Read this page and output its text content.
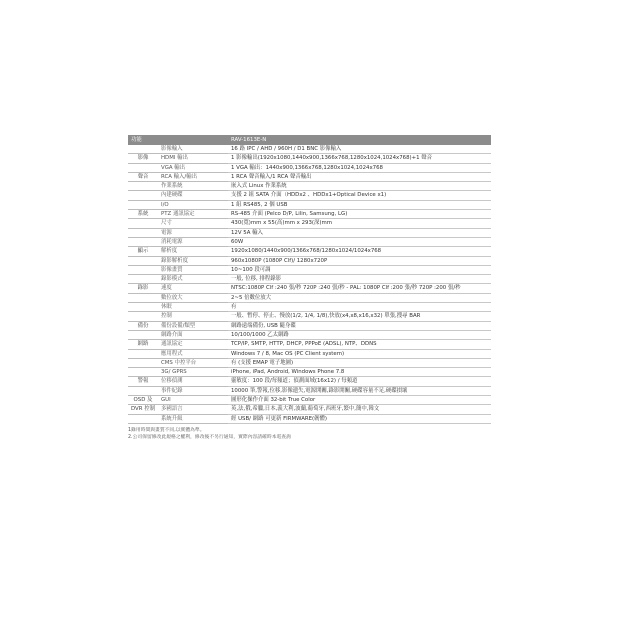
功能		RAV-1613E-N
	影像輸入	16 路 IPC / AHD / 960H / D1 BNC 影像輸入
影像	HDMI 輸出	1 影像輸出(1920x1080,1440x900,1366x768,1280x1024,1024x768)+1 聲音
	VGA 輸出	1 VGA 輸出：1440x900,1366x768,1280x1024,1024x768
聲音	RCA 輸入/輸出	1 RCA 聲音輸入/1 RCA 聲音輸出
	作業系統	嵌入式 Linux 作業系統
	內建硬碟	支援 2 組 SATA 介面（HDDx2 、HDDx1+Optical Device x1)
	I/O	1 組 RS485, 2 個 USB
系統	PTZ 通訊協定	RS-485 介面 (Pelco D/P, Lilin, Samsung, LG)
	尺寸	430(寬)mm x 55(高)mm x 293(深)mm
	電源	12V 5A 輸入
	消耗電源	60W
顯示	解析度	1920x1080/1440x900/1366x768/1280x1024/1024x768
	錄影解析度	960x1080P (1080P Clf)/ 1280x720P
	影像畫質	10~100 段可調
	錄影模式	一般, 位移, 排程錄影
錄影	速度	NTSC:1080P Clf :240 張/秒 720P :240 張/秒 - PAL: 1080P Clf :200 張/秒 720P :200 張/秒
	數位放大	2~5 倍數位放大
	休眠	有
	控制	一般、暫停、停止、慢放(1/2, 1/4, 1/8),快放(x4,x8,x16,x32) 單張,搜尋 BAR
備份	備份設備/類型	網路遠端備份, USB 隨身碟
	網路介面	10/100/1000 乙太網路
網路	通訊協定	TCP/IP, SMTP, HTTP, DHCP, PPPoE (ADSL), NTP、DDNS
	應用程式	Windows 7 / 8, Mac OS (PC Client system)
	CMS 中控平台	有 (支援 EMAP 電子地圖)
	3G/ GPRS	iPhone, iPad, Android, Windows Phone 7.8
警報	位移偵測	靈敏度：100 段/每頻道；偵測面域(16x12) / 每頻道
	事件紀錄	10000 筆,警報,位移,影像遺失,電源開關,錄影開關,硬碟容量不足,硬碟損壞
OSD 及	GUI	圖形化操作介面 32-bit True Color
DVR 控制	多國語言	英,法,俄,希臘,日本,義大利,波蘭,葡萄牙,西班牙,繁中,簡中,韓文
	系統升級	經 USB/ 網路 可更新 FIRMWARE(韌體)
1錄用時間與畫質不同,以實體為準。
2.公司保留修改此規格之權利，修改後不另行通知，實際內容請確時本電查詢
